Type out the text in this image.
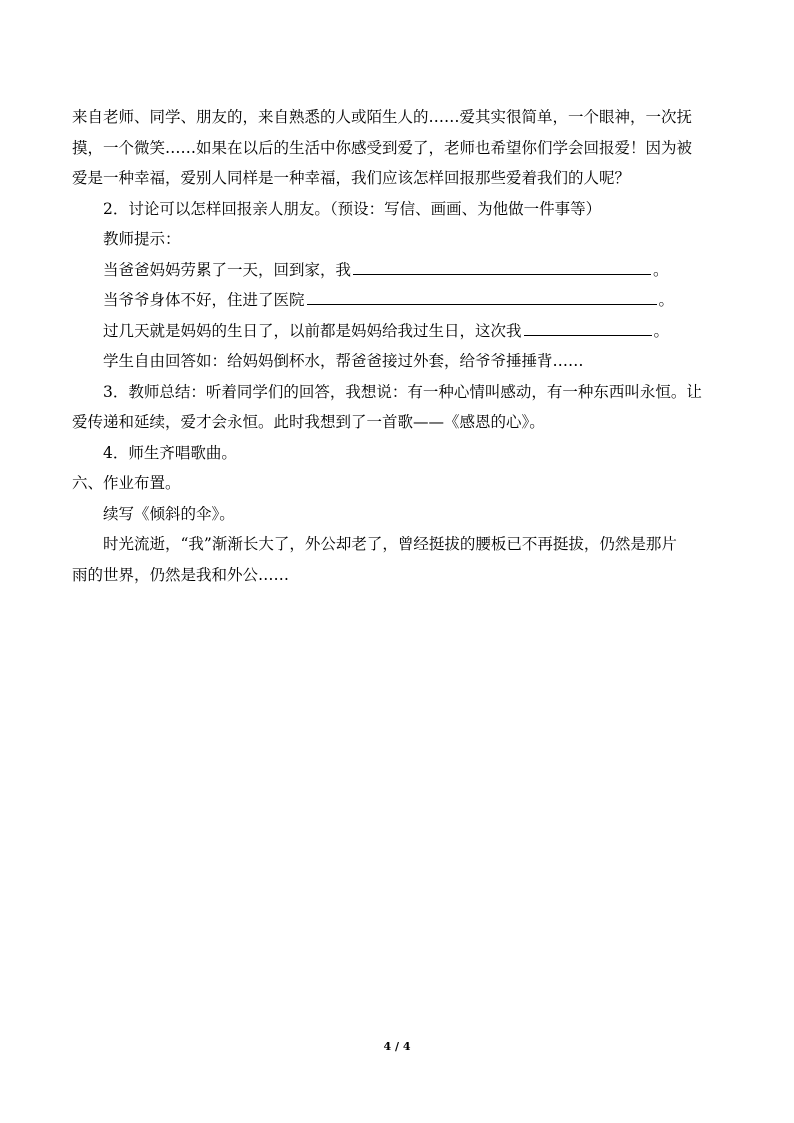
来自老师、同学、朋友的，来自熟悉的人或陌生人的……爱其实很简单，一个眼神，一次抚

摸，一个微笑……如果在以后的生活中你感受到爱了，老师也希望你们学会回报爱！因为被

爱是一种幸福，爱别人同样是一种幸福，我们应该怎样回报那些爱着我们的人呢？

2．讨论可以怎样回报亲人朋友。（预设：写信、画画、为他做一件事等）

教师提示：

当爸爸妈妈劳累了一天，回到家，我	。

当爷爷身体不好，住进了医院	。

过几天就是妈妈的生日了，以前都是妈妈给我过生日，这次我	。

学生自由回答如：给妈妈倒杯水，帮爸爸接过外套，给爷爷捶捶背……

3．教师总结：听着同学们的回答，我想说：有一种心情叫感动，有一种东西叫永恒。让

爱传递和延续，爱才会永恒。此时我想到了一首歌——《感恩的心》。

4．师生齐唱歌曲。

六、作业布置。

续写《倾斜的伞》。

时光流逝，“我”渐渐长大了，外公却老了，曾经挺拔的腰板已不再挺拔，仍然是那片

雨的世界，仍然是我和外公……

4 / 4
